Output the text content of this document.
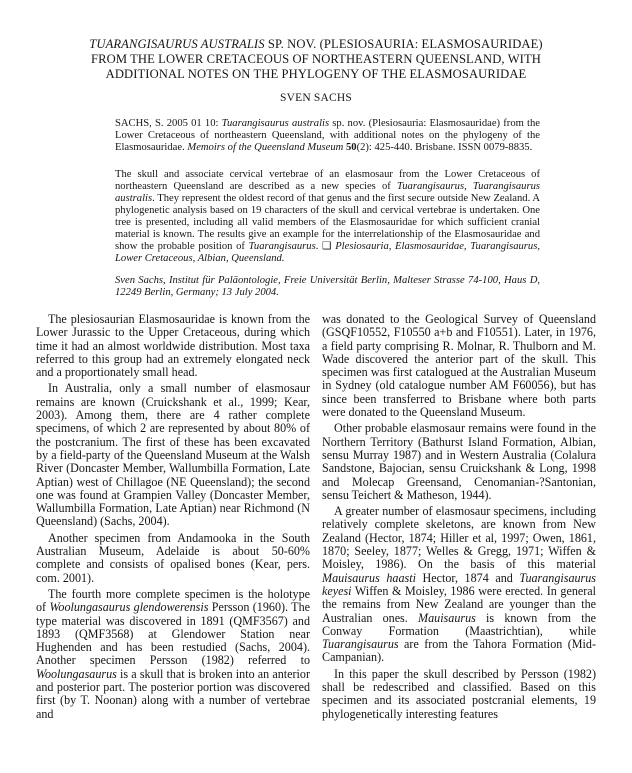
TUARANGISAURUS AUSTRALIS SP. NOV. (PLESIOSAURIA: ELASMOSAURIDAE)
FROM THE LOWER CRETACEOUS OF NORTHEASTERN QUEENSLAND, WITH
ADDITIONAL NOTES ON THE PHYLOGENY OF THE ELASMOSAURIDAE
SVEN SACHS

SACHS, S. 2005 01 10: Tuarangisaurus australis sp. nov. (Plesiosauria: Elasmosauridae) from the Lower Cretaceous of northeastern Queensland, with additional notes on the phylogeny of the Elasmosauridae. Memoirs of the Queensland Museum 50(2): 425-440. Brisbane. ISSN 0079-8835.

The skull and associate cervical vertebrae of an elasmosaur from the Lower Cretaceous of northeastern Queensland are described as a new species of Tuarangisaurus, Tuarangisaurus australis. They represent the oldest record of that genus and the first secure outside New Zealand. A phylogenetic analysis based on 19 characters of the skull and cervical vertebrae is undertaken. One tree is presented, including all valid members of the Elasmosauridae for which sufficient cranial material is known. The results give an example for the interrelationship of the Elasmosauridae and show the probable position of Tuarangisaurus. ❑ Plesiosauria, Elasmosauridae, Tuarangisaurus, Lower Cretaceous, Albian, Queensland.

Sven Sachs, Institut für Paläontologie, Freie Universität Berlin, Malteser Strasse 74-100, Haus D, 12249 Berlin, Germany; 13 July 2004.

The plesiosaurian Elasmosauridae is known from the Lower Jurassic to the Upper Cretaceous, during which time it had an almost worldwide distribution. Most taxa referred to this group had an extremely elongated neck and a proportionately small head.

In Australia, only a small number of elasmosaur remains are known (Cruickshank et al., 1999; Kear, 2003). Among them, there are 4 rather complete specimens, of which 2 are represented by about 80% of the postcranium. The first of these has been excavated by a field-party of the Queensland Museum at the Walsh River (Doncaster Member, Wallumbilla Formation, Late Aptian) west of Chillagoe (NE Queensland); the second one was found at Grampien Valley (Doncaster Member, Wallumbilla Formation, Late Aptian) near Richmond (N Queensland) (Sachs, 2004).

Another specimen from Andamooka in the South Australian Museum, Adelaide is about 50-60% complete and consists of opalised bones (Kear, pers. com. 2001).

The fourth more complete specimen is the holotype of Woolungasaurus glendowerensis Persson (1960). The type material was discovered in 1891 (QMF3567) and 1893 (QMF3568) at Glendower Station near Hughenden and has been restudied (Sachs, 2004). Another specimen Persson (1982) referred to Woolungasaurus is a skull that is broken into an anterior and posterior part. The posterior portion was discovered first (by T. Noonan) along with a number of vertebrae and

was donated to the Geological Survey of Queensland (GSQF10552, F10550 a+b and F10551). Later, in 1976, a field party comprising R. Molnar, R. Thulborn and M. Wade discovered the anterior part of the skull. This specimen was first catalogued at the Australian Museum in Sydney (old catalogue number AM F60056), but has since been transferred to Brisbane where both parts were donated to the Queensland Museum.

Other probable elasmosaur remains were found in the Northern Territory (Bathurst Island Formation, Albian, sensu Murray 1987) and in Western Australia (Colalura Sandstone, Bajocian, sensu Cruickshank & Long, 1998 and Molecap Greensand, Cenomanian-?Santonian, sensu Teichert & Matheson, 1944).

A greater number of elasmosaur specimens, including relatively complete skeletons, are known from New Zealand (Hector, 1874; Hiller et al, 1997; Owen, 1861, 1870; Seeley, 1877; Welles & Gregg, 1971; Wiffen & Moisley, 1986). On the basis of this material Mauisaurus haasti Hector, 1874 and Tuarangisaurus keyesi Wiffen & Moisley, 1986 were erected. In general the remains from New Zealand are younger than the Australian ones. Mauisaurus is known from the Conway Formation (Maastrichtian), while Tuarangisaurus are from the Tahora Formation (Mid-Campanian).

In this paper the skull described by Persson (1982) shall be redescribed and classified. Based on this specimen and its associated postcranial elements, 19 phylogenetically interesting features
